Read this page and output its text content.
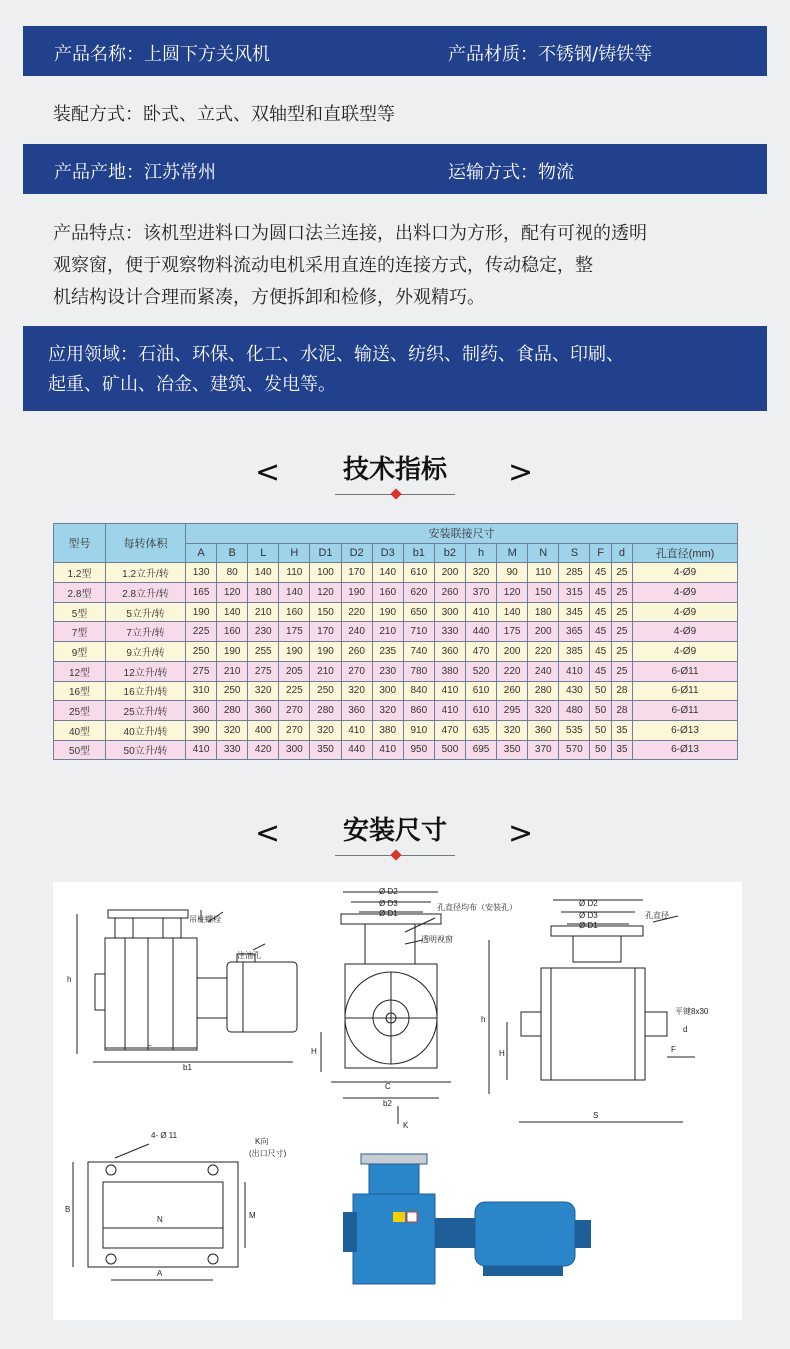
产品名称：上圆下方关风机	产品材质：不锈钢/铸铁等
装配方式：卧式、立式、双轴型和直联型等
产品产地：江苏常州	运输方式：物流
产品特点：该机型进料口为圆口法兰连接，出料口为方形，配有可视的透明
观察窗，便于观察物料流动电机采用直连的连接方式，传动稳定，整
机结构设计合理而紧凑，方便拆卸和检修，外观精巧。
应用领域：石油、环保、化工、水泥、输送、纺织、制药、食品、印刷、
起重、矿山、冶金、建筑、发电等。
<	技术指标	>
型号	每转体积	安装联接尺寸															
		A	B	L	H	D1	D2	D3	b1	b2	h	M	N	S	F	d	孔直径(mm)
1.2型	1.2立升/转	130	80	140	110	100	170	140	610	200	320	90	110	285	45	25	4-Ø9
2.8型	2.8立升/转	165	120	180	140	120	190	160	620	260	370	120	150	315	45	25	4-Ø9
5型	5立升/转	190	140	210	160	150	220	190	650	300	410	140	180	345	45	25	4-Ø9
7型	7立升/转	225	160	230	175	170	240	210	710	330	440	175	200	365	45	25	4-Ø9
9型	9立升/转	250	190	255	190	190	260	235	740	360	470	200	220	385	45	25	4-Ø9
12型	12立升/转	275	210	275	205	210	270	230	780	380	520	220	240	410	45	25	6-Ø11
16型	16立升/转	310	250	320	225	250	320	300	840	410	610	260	280	430	50	28	6-Ø11
25型	25立升/转	360	280	360	270	280	360	320	860	410	610	295	320	480	50	28	6-Ø11
40型	40立升/转	390	320	400	270	320	410	380	910	470	635	320	360	535	50	35	6-Ø13
50型	50立升/转	410	330	420	300	350	440	410	950	500	695	350	370	570	50	35	6-Ø13
<	安装尺寸	>
吊柱螺栓
注油孔
h
L
b1
Ø D2
Ø D3
Ø D1
孔直径均布（安装孔）
透明视窗
H
C
b2
K
Ø D2
Ø D3
Ø D1
孔直径
平键8x30
h
H
d
F
S
4- Ø 11
K向
(出口尺寸)
B
N	M
A
